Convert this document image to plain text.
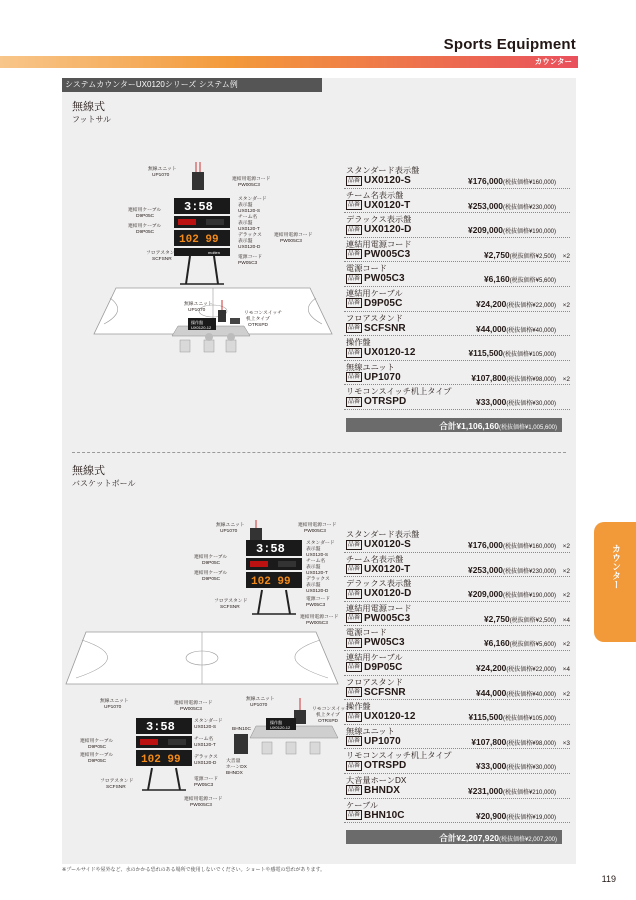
Sports Equipment
カウンター
システムカウンターUX0120シリーズ システム例
無線式
フットサル
3:58
102 99
molten
無線ユニット
UP1070
連結用ケーブル
D9P05C
連結用ケーブル
D9P05C
フロアスタンド
SCFSNR
連結用電源コード
PW005C3
スタンダード
表示盤
UX0120-S
チーム名
表示盤
UX0120-T
デラックス
表示盤
UX0120-D
連結用電源コード
PW005C3
電源コード
PW05C3
操作盤
UX0120-12
無線ユニット
UP1070
リモコンスイッチ
机上タイプ
OTRSPD
スタンダード表示盤
品番 UX0120-S	¥176,000 (税抜価格¥160,000)
チーム名表示盤
品番 UX0120-T	¥253,000 (税抜価格¥230,000)
デラックス表示盤
品番 UX0120-D	¥209,000 (税抜価格¥190,000)
連結用電源コード
品番 PW005C3	¥2,750 (税抜価格¥2,500)	×2
電源コード
品番 PW05C3	¥6,160 (税抜価格¥5,600)
連結用ケーブル
品番 D9P05C	¥24,200 (税抜価格¥22,000)	×2
フロアスタンド
品番 SCFSNR	¥44,000 (税抜価格¥40,000)
操作盤
品番 UX0120-12	¥115,500 (税抜価格¥105,000)
無線ユニット
品番 UP1070	¥107,800 (税抜価格¥98,000)	×2
リモコンスイッチ机上タイプ
品番 OTRSPD	¥33,000 (税抜価格¥30,000)
合計¥1,106,160(税抜価格¥1,005,600)
無線式
バスケットボール
3:58
102 99
無線ユニット
UP1070
連結用ケーブル
D9P05C
連結用ケーブル
D9P05C
フロアスタンド
SCFSNR
連結用電源コード
PW005C3
スタンダード
表示盤
UX0120-S
チーム名
表示盤
UX0120-T
デラックス
表示盤
UX0120-D
電源コード
PW05C3
連結用電源コード
PW005C3
3:58
102 99
無線ユニット
UP1070
連結用ケーブル
D9P05C
連結用ケーブル
D9P05C
フロアスタンド
SCFSNR
連結用電源コード
PW005C3
スタンダード
UX0120-S
チーム名
UX0120-T
デラックス
UX0120-D
電源コード
PW05C3
連結用電源コード
PW005C3
BHN10C
大音量
ホーンDX
BHNDX
操作盤
UX0120-12
無線ユニット
UP1070
リモコンスイッチ
机上タイプ
OTRSPD
スタンダード表示盤
品番 UX0120-S	¥176,000 (税抜価格¥160,000)	×2
チーム名表示盤
品番 UX0120-T	¥253,000 (税抜価格¥230,000)	×2
デラックス表示盤
品番 UX0120-D	¥209,000 (税抜価格¥190,000)	×2
連結用電源コード
品番 PW005C3	¥2,750 (税抜価格¥2,500)	×4
電源コード
品番 PW05C3	¥6,160 (税抜価格¥5,600)	×2
連結用ケーブル
品番 D9P05C	¥24,200 (税抜価格¥22,000)	×4
フロアスタンド
品番 SCFSNR	¥44,000 (税抜価格¥40,000)	×2
操作盤
品番 UX0120-12	¥115,500 (税抜価格¥105,000)
無線ユニット
品番 UP1070	¥107,800 (税抜価格¥98,000)	×3
リモコンスイッチ机上タイプ
品番 OTRSPD	¥33,000 (税抜価格¥30,000)
大音量ホーンDX
品番 BHNDX	¥231,000 (税抜価格¥210,000)
ケーブル
品番 BHN10C	¥20,900 (税抜価格¥19,000)
合計¥2,207,920(税抜価格¥2,007,200)
※プールサイドや屋外など、水のかかる恐れのある場所で使用しないでください。ショートや感電の恐れがあります。
119
カウンター
